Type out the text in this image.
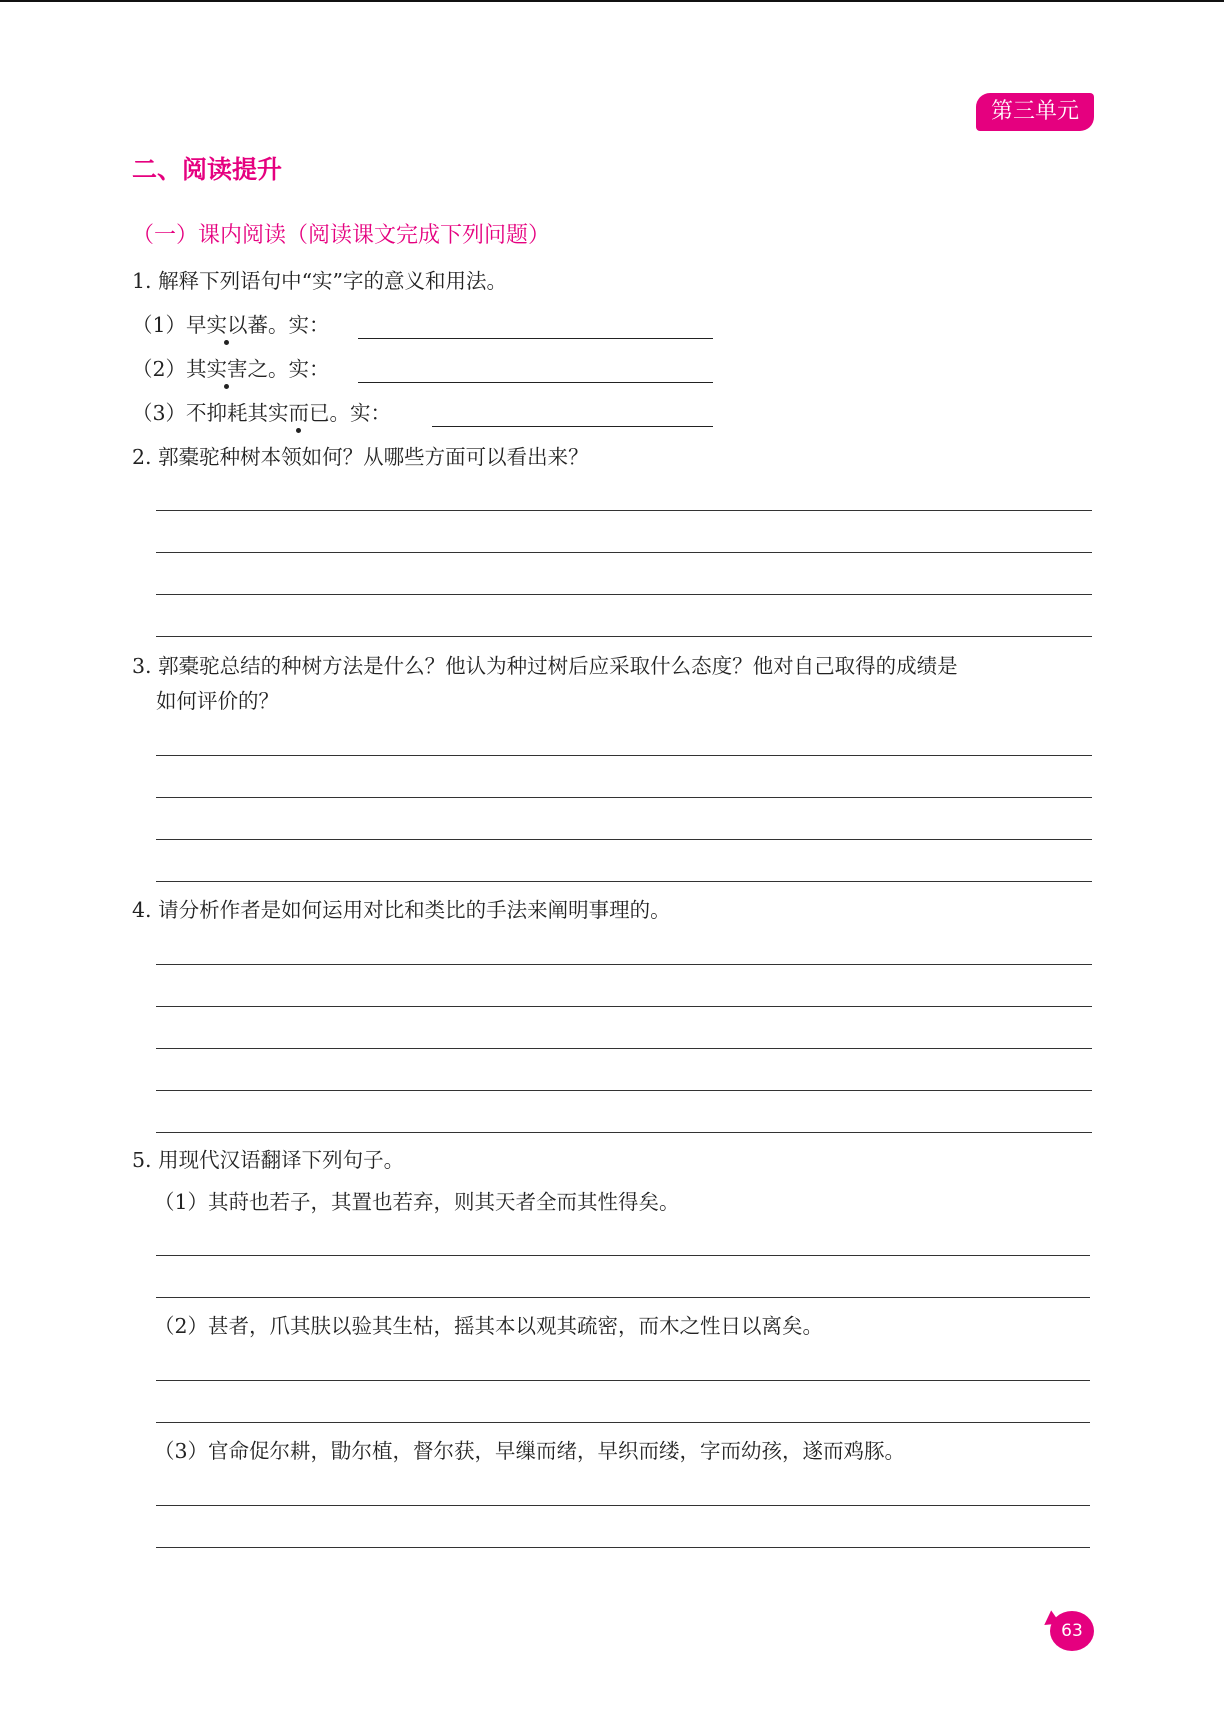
第三单元
二、阅读提升
（一）课内阅读（阅读课文完成下列问题）
1. 解释下列语句中“实”字的意义和用法。
（1）早实以蕃。实：
（2）其实害之。实：
（3）不抑耗其实而已。实：
2. 郭橐驼种树本领如何？从哪些方面可以看出来？
3. 郭橐驼总结的种树方法是什么？他认为种过树后应采取什么态度？他对自己取得的成绩是
如何评价的？
4. 请分析作者是如何运用对比和类比的手法来阐明事理的。
5. 用现代汉语翻译下列句子。
（1）其莳也若子，其置也若弃，则其天者全而其性得矣。
（2）甚者，爪其肤以验其生枯，摇其本以观其疏密，而木之性日以离矣。
（3）官命促尔耕，勖尔植，督尔获，早缫而绪，早织而缕，字而幼孩，遂而鸡豚。
63
